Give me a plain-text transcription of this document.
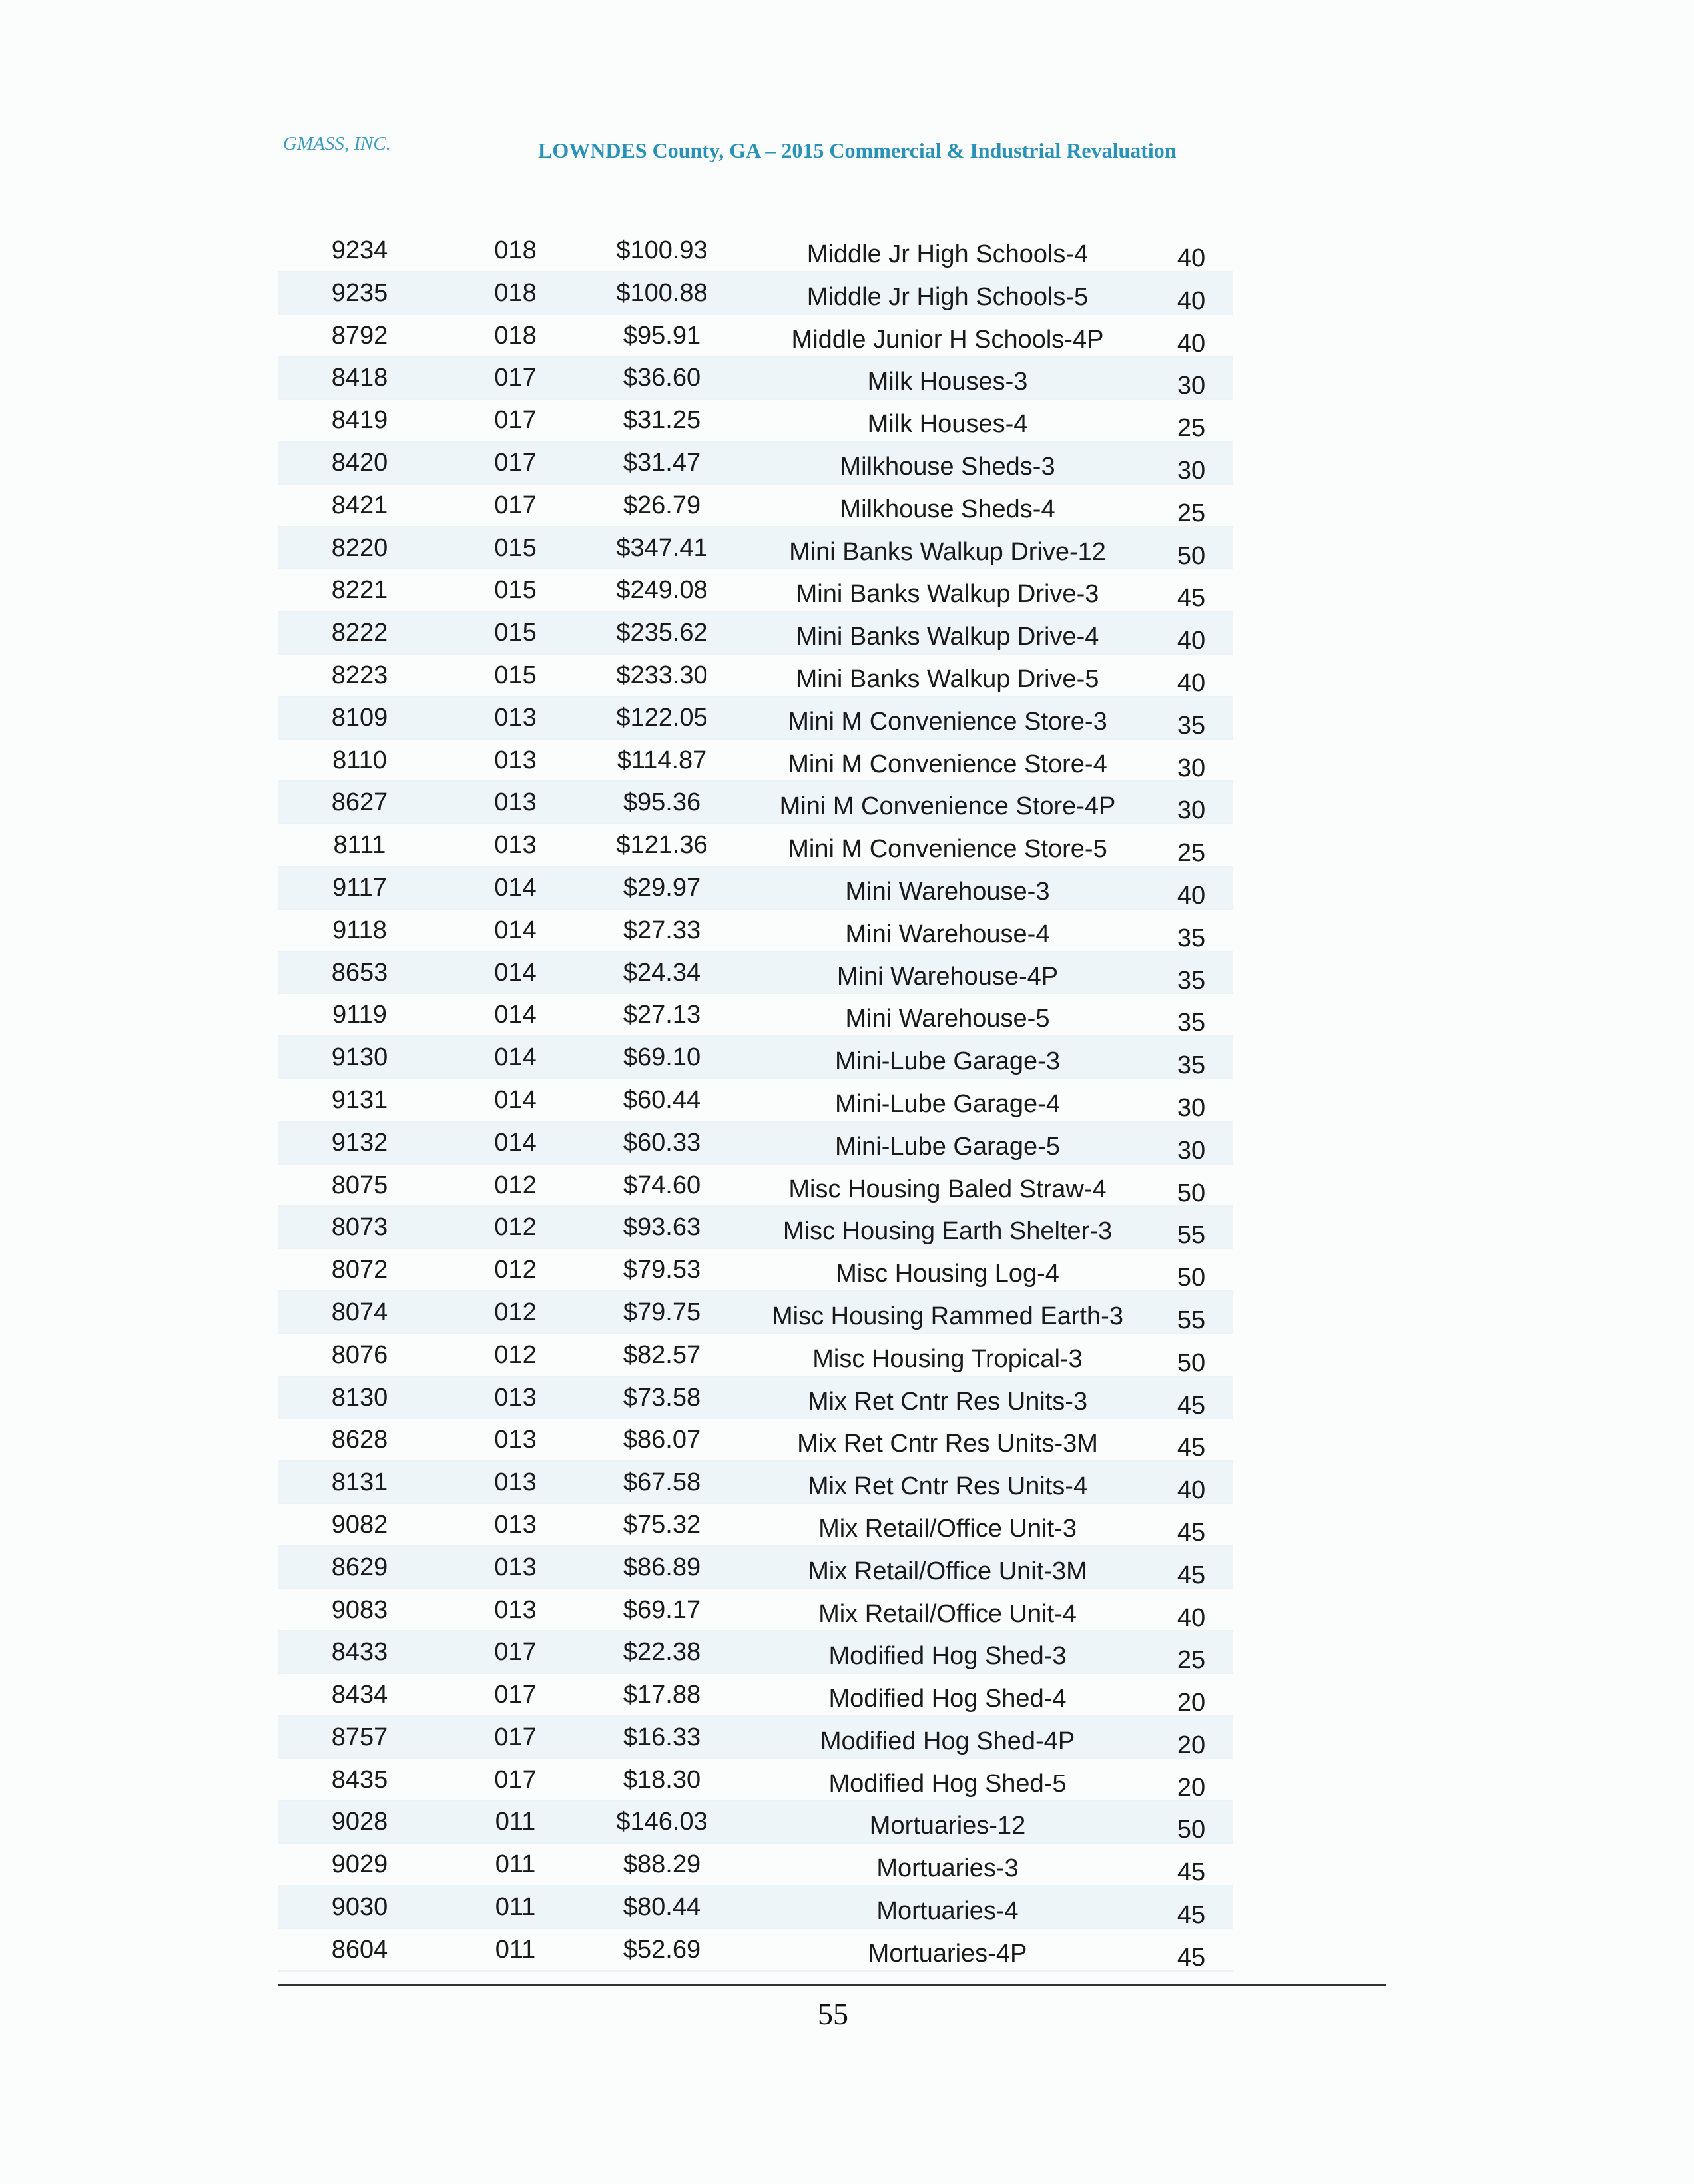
GMASS, INC.	LOWNDES County, GA – 2015 Commercial & Industrial Revaluation
9234	018	$100.93	Middle Jr High Schools-4	40
9235	018	$100.88	Middle Jr High Schools-5	40
8792	018	$95.91	Middle Junior H Schools-4P	40
8418	017	$36.60	Milk Houses-3	30
8419	017	$31.25	Milk Houses-4	25
8420	017	$31.47	Milkhouse Sheds-3	30
8421	017	$26.79	Milkhouse Sheds-4	25
8220	015	$347.41	Mini Banks Walkup Drive-12	50
8221	015	$249.08	Mini Banks Walkup Drive-3	45
8222	015	$235.62	Mini Banks Walkup Drive-4	40
8223	015	$233.30	Mini Banks Walkup Drive-5	40
8109	013	$122.05	Mini M Convenience Store-3	35
8110	013	$114.87	Mini M Convenience Store-4	30
8627	013	$95.36	Mini M Convenience Store-4P 30
8111	013	$121.36	Mini M Convenience Store-5	25
9117	014	$29.97	Mini Warehouse-3	40
9118	014	$27.33	Mini Warehouse-4	35
8653	014	$24.34	Mini Warehouse-4P	35
9119	014	$27.13	Mini Warehouse-5	35
9130	014	$69.10	Mini-Lube Garage-3	35
9131	014	$60.44	Mini-Lube Garage-4	30
9132	014	$60.33	Mini-Lube Garage-5	30
8075	012	$74.60	Misc Housing Baled Straw-4	50
8073	012	$93.63	Misc Housing Earth Shelter-3	55
8072	012	$79.53	Misc Housing Log-4	50
8074	012	$79.75	Misc Housing Rammed Earth-3 55
8076	012	$82.57	Misc Housing Tropical-3	50
8130	013	$73.58	Mix Ret Cntr Res Units-3	45
8628	013	$86.07	Mix Ret Cntr Res Units-3M	45
8131	013	$67.58	Mix Ret Cntr Res Units-4	40
9082	013	$75.32	Mix Retail/Office Unit-3	45
8629	013	$86.89	Mix Retail/Office Unit-3M	45
9083	013	$69.17	Mix Retail/Office Unit-4	40
8433	017	$22.38	Modified Hog Shed-3	25
8434	017	$17.88	Modified Hog Shed-4	20
8757	017	$16.33	Modified Hog Shed-4P	20
8435	017	$18.30	Modified Hog Shed-5	20
9028	011	$146.03	Mortuaries-12	50
9029	011	$88.29	Mortuaries-3	45
9030	011	$80.44	Mortuaries-4	45
8604	011	$52.69	Mortuaries-4P	45
55
